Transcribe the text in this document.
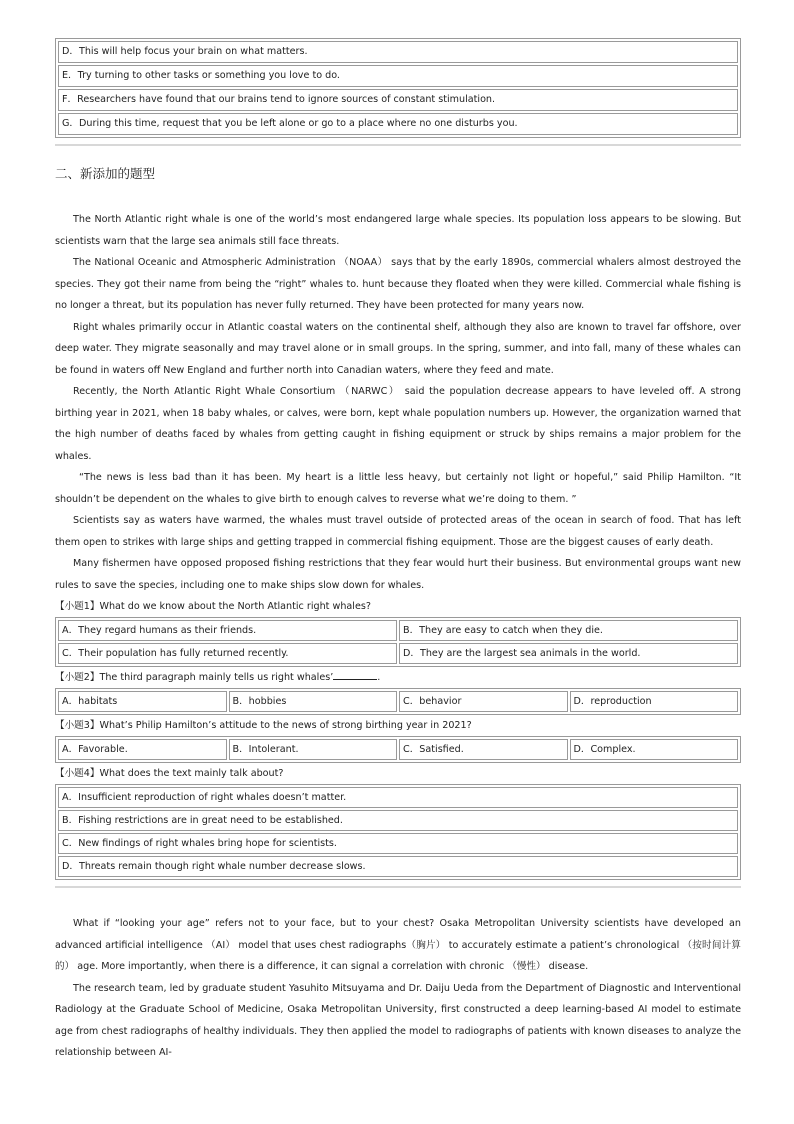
D．This will help focus your brain on what matters.
E．Try turning to other tasks or something you love to do.
F．Researchers have found that our brains tend to ignore sources of constant stimulation.
G．During this time, request that you be left alone or go to a place where no one disturbs you.
二、新添加的题型

The North Atlantic right whale is one of the world’s most endangered large whale species. Its population loss appears to be slowing. But scientists warn that the large sea animals still face threats.

The National Oceanic and Atmospheric Administration （NOAA） says that by the early 1890s, commercial whalers almost destroyed the species. They got their name from being the “right” whales to. hunt because they floated when they were killed. Commercial whale fishing is no longer a threat, but its population has never fully returned. They have been protected for many years now.

Right whales primarily occur in Atlantic coastal waters on the continental shelf, although they also are known to travel far offshore, over deep water. They migrate seasonally and may travel alone or in small groups. In the spring, summer, and into fall, many of these whales can be found in waters off New England and further north into Canadian waters, where they feed and mate.

Recently, the North Atlantic Right Whale Consortium （NARWC） said the population decrease appears to have leveled off. A strong birthing year in 2021, when 18 baby whales, or calves, were born, kept whale population numbers up. However, the organization warned that the high number of deaths faced by whales from getting caught in fishing equipment or struck by ships remains a major problem for the whales.

“The news is less bad than it has been. My heart is a little less heavy, but certainly not light or hopeful,” said Philip Hamilton. “It shouldn’t be dependent on the whales to give birth to enough calves to reverse what we’re doing to them. ”

Scientists say as waters have warmed, the whales must travel outside of protected areas of the ocean in search of food. That has left them open to strikes with large ships and getting trapped in commercial fishing equipment. Those are the biggest causes of early death.

Many fishermen have opposed proposed fishing restrictions that they fear would hurt their business. But environmental groups want new rules to save the species, including one to make ships slow down for whales.

【小题1】What do we know about the North Atlantic right whales?
A．They regard humans as their friends.	B．They are easy to catch when they die.
C．Their population has fully returned recently.	D．They are the largest sea animals in the world.
【小题2】The third paragraph mainly tells us right whales’	.
A．habitats	B．hobbies	C．behavior	D．reproduction
【小题3】What’s Philip Hamilton’s attitude to the news of strong birthing year in 2021?
A．Favorable.	B．Intolerant.	C．Satisfied.	D．Complex.
【小题4】What does the text mainly talk about?
A．Insufficient reproduction of right whales doesn’t matter.
B．Fishing restrictions are in great need to be established.
C．New findings of right whales bring hope for scientists.
D．Threats remain though right whale number decrease slows.

What if “looking your age” refers not to your face, but to your chest? Osaka Metropolitan University scientists have developed an advanced artificial intelligence （AI） model that uses chest radiographs（胸片） to accurately estimate a patient’s chronological （按时间计算的） age. More importantly, when there is a difference, it can signal a correlation with chronic （慢性） disease.

The research team, led by graduate student Yasuhito Mitsuyama and Dr. Daiju Ueda from the Department of Diagnostic and Interventional Radiology at the Graduate School of Medicine, Osaka Metropolitan University, first constructed a deep learning-based AI model to estimate age from chest radiographs of healthy individuals. They then applied the model to radiographs of patients with known diseases to analyze the relationship between AI-
